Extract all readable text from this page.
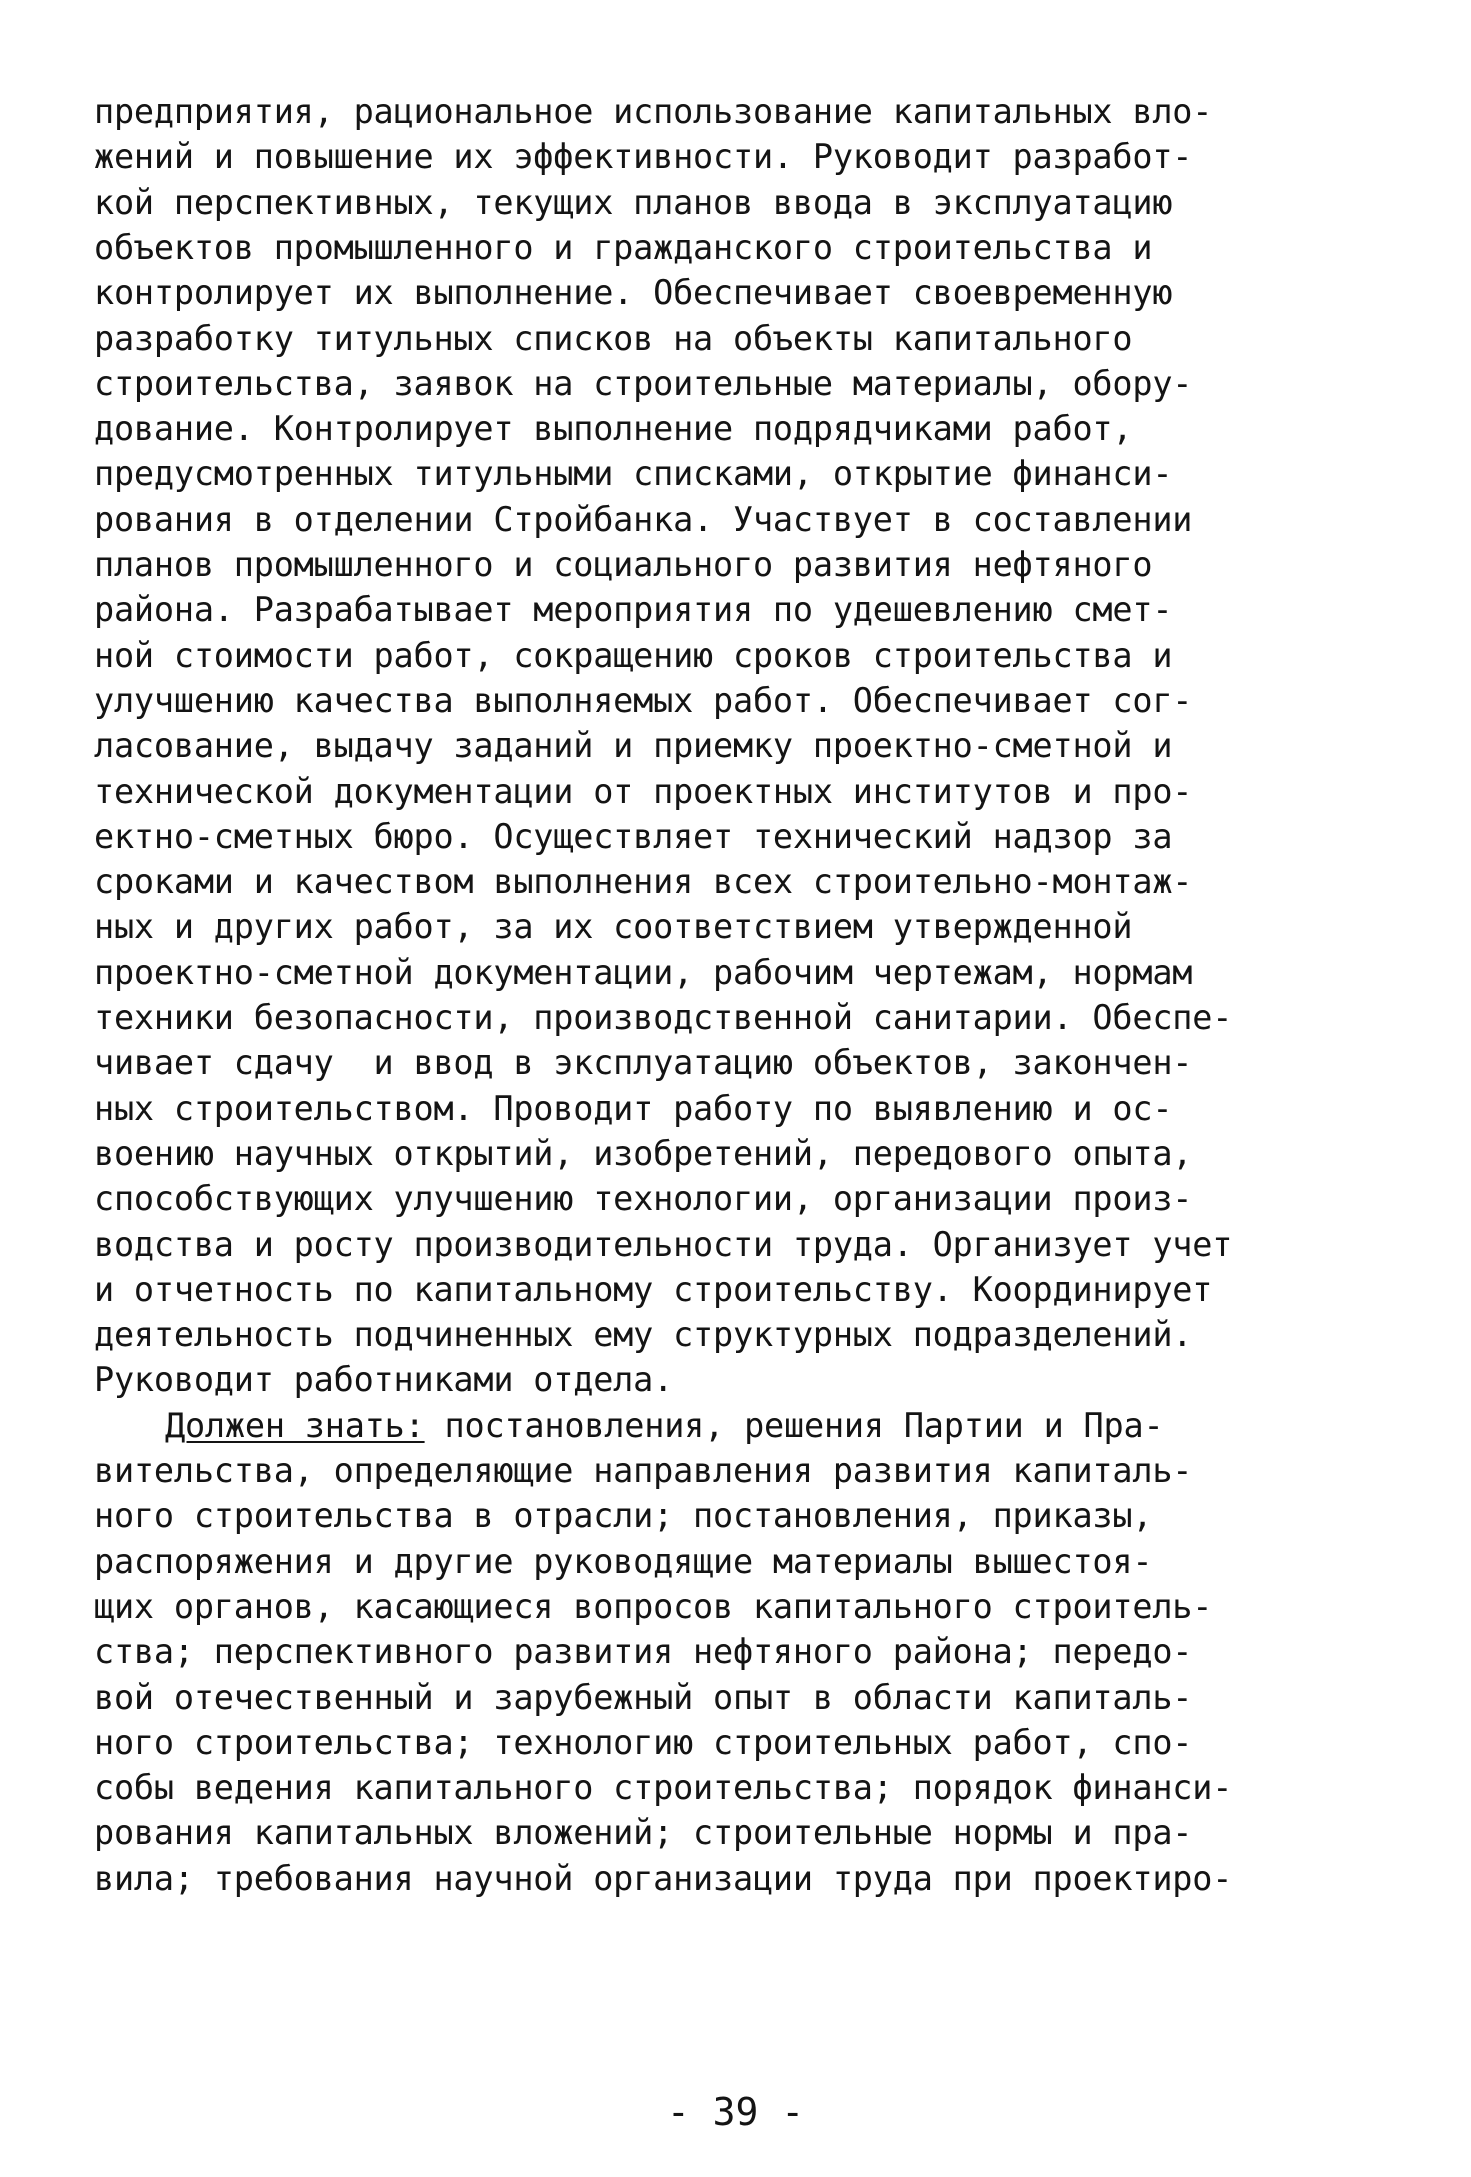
предприятия, рациональное использование капитальных вло-
жений и повышение их эффективности. Руководит разработ-
кой перспективных, текущих планов ввода в эксплуатацию
объектов промышленного и гражданского строительства и
контролирует их выполнение. Обеспечивает своевременную
разработку титульных списков на объекты капитального
строительства, заявок на строительные материалы, обору-
дование. Контролирует выполнение подрядчиками работ,
предусмотренных титульными списками, открытие финанси-
рования в отделении Стройбанка. Участвует в составлении
планов промышленного и социального развития нефтяного
района. Разрабатывает мероприятия по удешевлению смет-
ной стоимости работ, сокращению сроков строительства и
улучшению качества выполняемых работ. Обеспечивает сог-
ласование, выдачу заданий и приемку проектно-сметной и
технической документации от проектных институтов и про-
ектно-сметных бюро. Осуществляет технический надзор за
сроками и качеством выполнения всех строительно-монтаж-
ных и других работ, за их соответствием утвержденной
проектно-сметной документации, рабочим чертежам, нормам
техники безопасности, производственной санитарии. Обеспе-
чивает сдачу  и ввод в эксплуатацию объектов, закончен-
ных строительством. Проводит работу по выявлению и ос-
воению научных открытий, изобретений, передового опыта,
способствующих улучшению технологии, организации произ-
водства и росту производительности труда. Организует учет
и отчетность по капитальному строительству. Координирует
деятельность подчиненных ему структурных подразделений.
Руководит работниками отдела.
Должен знать: постановления, решения Партии и Пра-
вительства, определяющие направления развития капиталь-
ного строительства в отрасли; постановления, приказы,
распоряжения и другие руководящие материалы вышестоя-
щих органов, касающиеся вопросов капитального строитель-
ства; перспективного развития нефтяного района; передо-
вой отечественный и зарубежный опыт в области капиталь-
ного строительства; технологию строительных работ, спо-
собы ведения капитального строительства; порядок финанси-
рования капитальных вложений; строительные нормы и пра-
вила; требования научной организации труда при проектиро-
- 39 -
